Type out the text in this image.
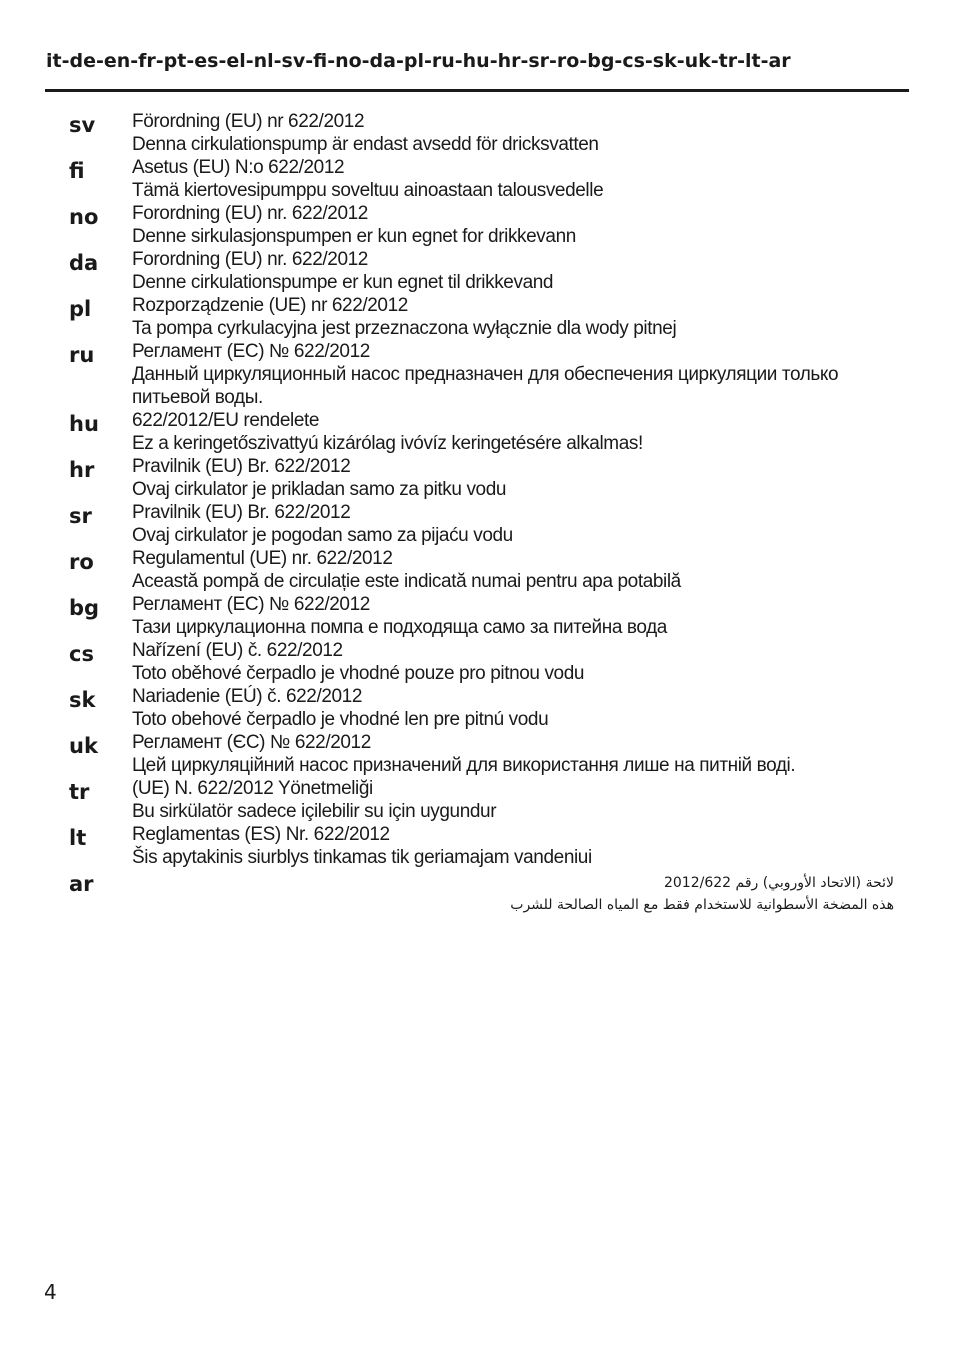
it-de-en-fr-pt-es-el-nl-sv-fi-no-da-pl-ru-hu-hr-sr-ro-bg-cs-sk-uk-tr-lt-ar
sv Förordning (EU) nr 622/2012
Denna cirkulationspump är endast avsedd för dricksvatten
fi Asetus (EU) N:o 622/2012
Tämä kiertovesipumppu soveltuu ainoastaan talousvedelle
no Forordning (EU) nr. 622/2012
Denne sirkulasjonspumpen er kun egnet for drikkevann
da Forordning (EU) nr. 622/2012
Denne cirkulationspumpe er kun egnet til drikkevand
pl Rozporządzenie (UE) nr 622/2012
Ta pompa cyrkulacyjna jest przeznaczona wyłącznie dla wody pitnej
ru Регламент (ЕС) № 622/2012
Данный циркуляционный насос предназначен для обеспечения циркуляции только питьевой воды.
hu 622/2012/EU rendelete
Ez a keringetőszivattyú kizárólag ivóvíz keringetésére alkalmas!
hr Pravilnik (EU) Br. 622/2012
Ovaj cirkulator je prikladan samo za pitku vodu
sr Pravilnik (EU) Br. 622/2012
Ovaj cirkulator je pogodan samo za pijaću vodu
ro Regulamentul (UE) nr. 622/2012
Această pompă de circulație este indicată numai pentru apa potabilă
bg Регламент (ЕС) № 622/2012
Тази циркулационна помпа е подходяща само за питейна вода
cs Nařízení (EU) č. 622/2012
Toto oběhové čerpadlo je vhodné pouze pro pitnou vodu
sk Nariadenie (EÚ) č. 622/2012
Toto obehové čerpadlo je vhodné len pre pitnú vodu
uk Регламент (ЄС) № 622/2012
Цей циркуляційний насос призначений для використання лише на питній воді.
tr (UE) N. 622/2012 Yönetmeliği
Bu sirkülatör sadece içilebilir su için uygundur
lt Reglamentas (ES) Nr. 622/2012
Šis apytakinis siurblys tinkamas tik geriamajam vandeniui
ar	لائحة (الاتحاد الأوروبي) رقم 2012/622
هذه المضخة الأسطوانية للاستخدام فقط مع المياه الصالحة للشرب
4
